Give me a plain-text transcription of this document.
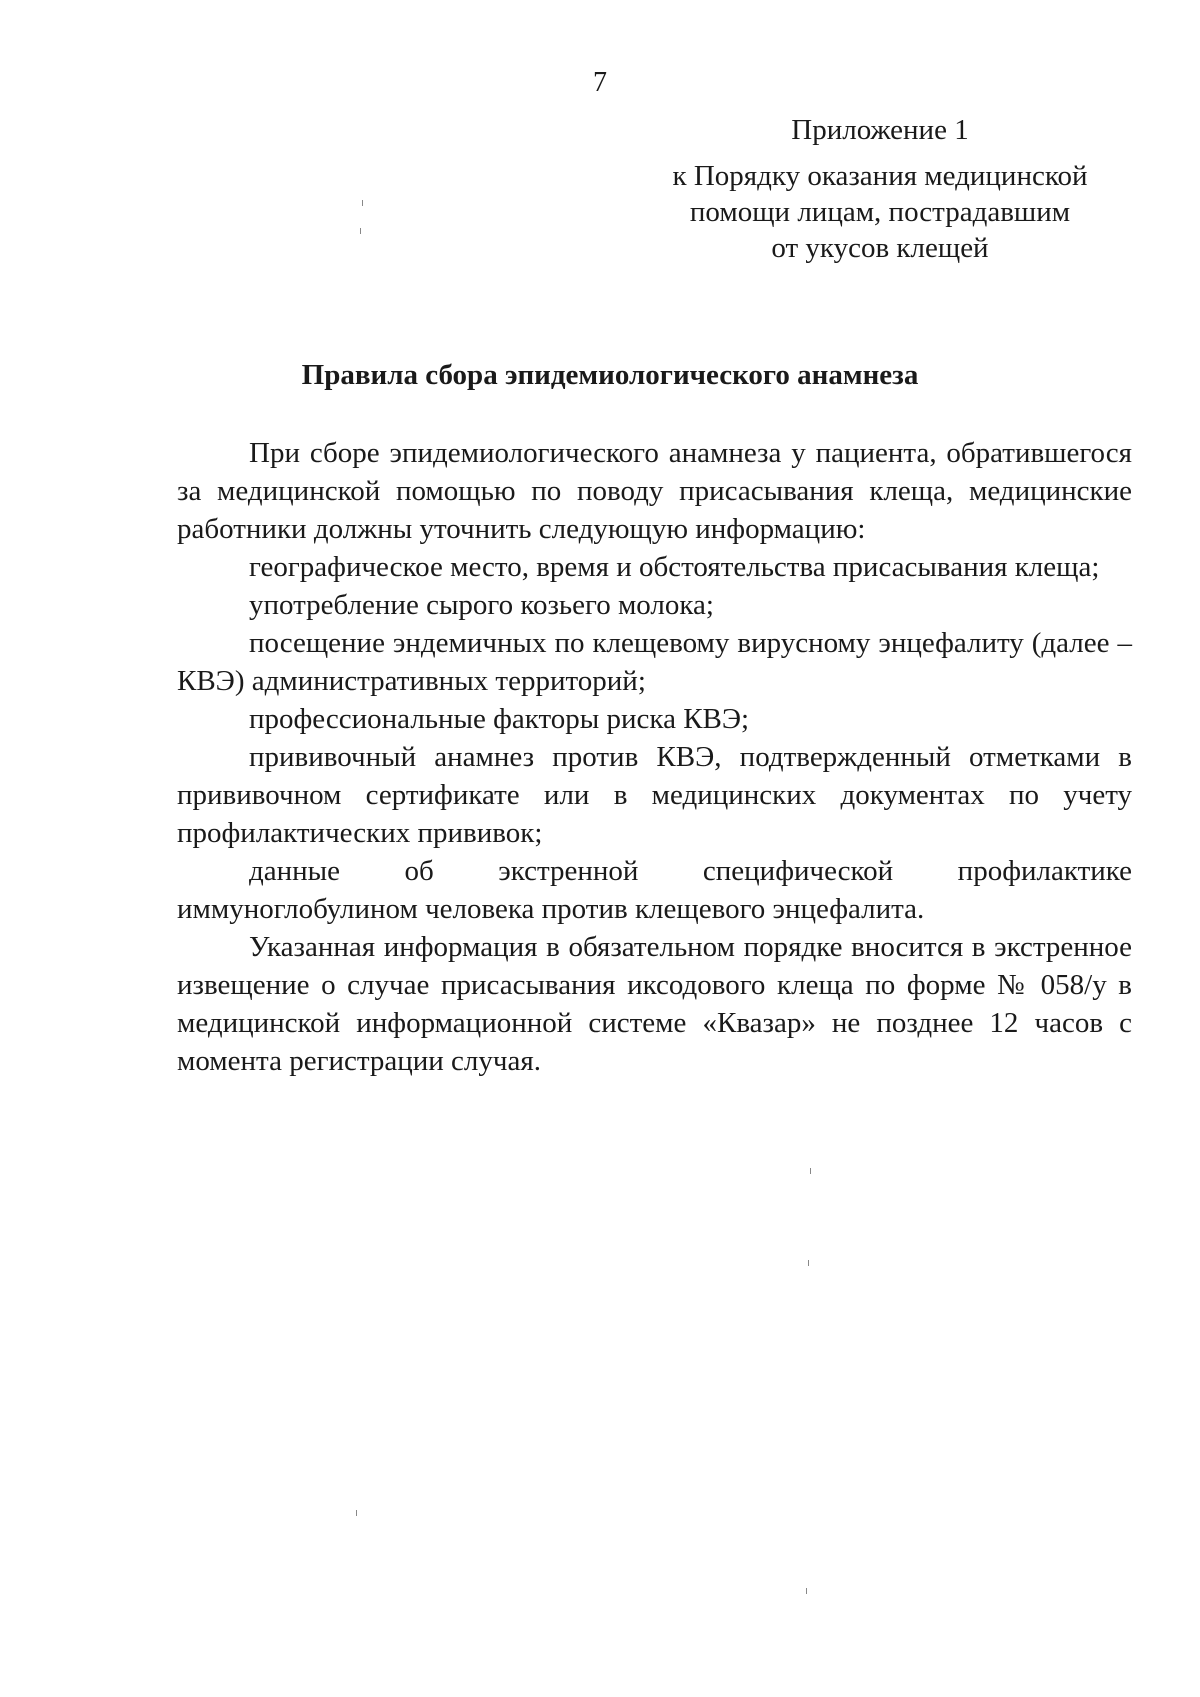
7
Приложение 1
к Порядку оказания медицинской
помощи лицам, пострадавшим
от укусов клещей
Правила сбора эпидемиологического анамнеза

При сборе эпидемиологического анамнеза у пациента, обратившегося за медицинской помощью по поводу присасывания клеща, медицинские работники должны уточнить следующую информацию:

географическое место, время и обстоятельства присасывания клеща;

употребление сырого козьего молока;

посещение эндемичных по клещевому вирусному энцефалиту (далее – КВЭ) административных территорий;

профессиональные факторы риска КВЭ;

прививочный анамнез против КВЭ, подтвержденный отметками в прививочном сертификате или в медицинских документах по учету профилактических прививок;

данные об экстренной специфической профилактике иммуноглобулином человека против клещевого энцефалита.

Указанная информация в обязательном порядке вносится в экстренное извещение о случае присасывания иксодового клеща по форме № 058/у в медицинской информационной системе «Квазар» не позднее 12 часов с момента регистрации случая.
